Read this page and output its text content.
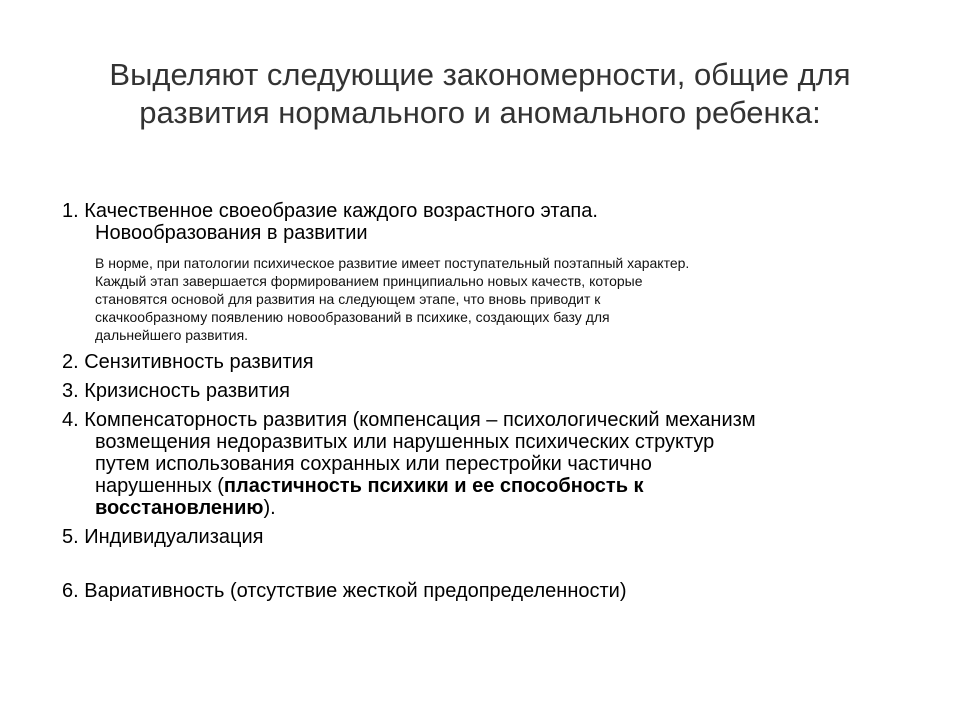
Выделяют следующие закономерности, общие для
развития нормального и аномального ребенка:

1. Качественное своеобразие каждого возрастного этапа.
Новообразования в развитии

В норме, при патологии психическое развитие имеет поступательный поэтапный характер.
Каждый этап завершается формированием принципиально новых качеств, которые
становятся основой для развития на следующем этапе, что вновь приводит к
скачкообразному появлению новообразований в психике, создающих базу для
дальнейшего развития.

2. Сензитивность развития

3. Кризисность развития

4. Компенсаторность развития (компенсация – психологический механизм
возмещения недоразвитых или нарушенных психических структур
путем использования сохранных или перестройки частично
нарушенных (пластичность психики и ее способность к
восстановлению).

5. Индивидуализация

6. Вариативность (отсутствие жесткой предопределенности)
